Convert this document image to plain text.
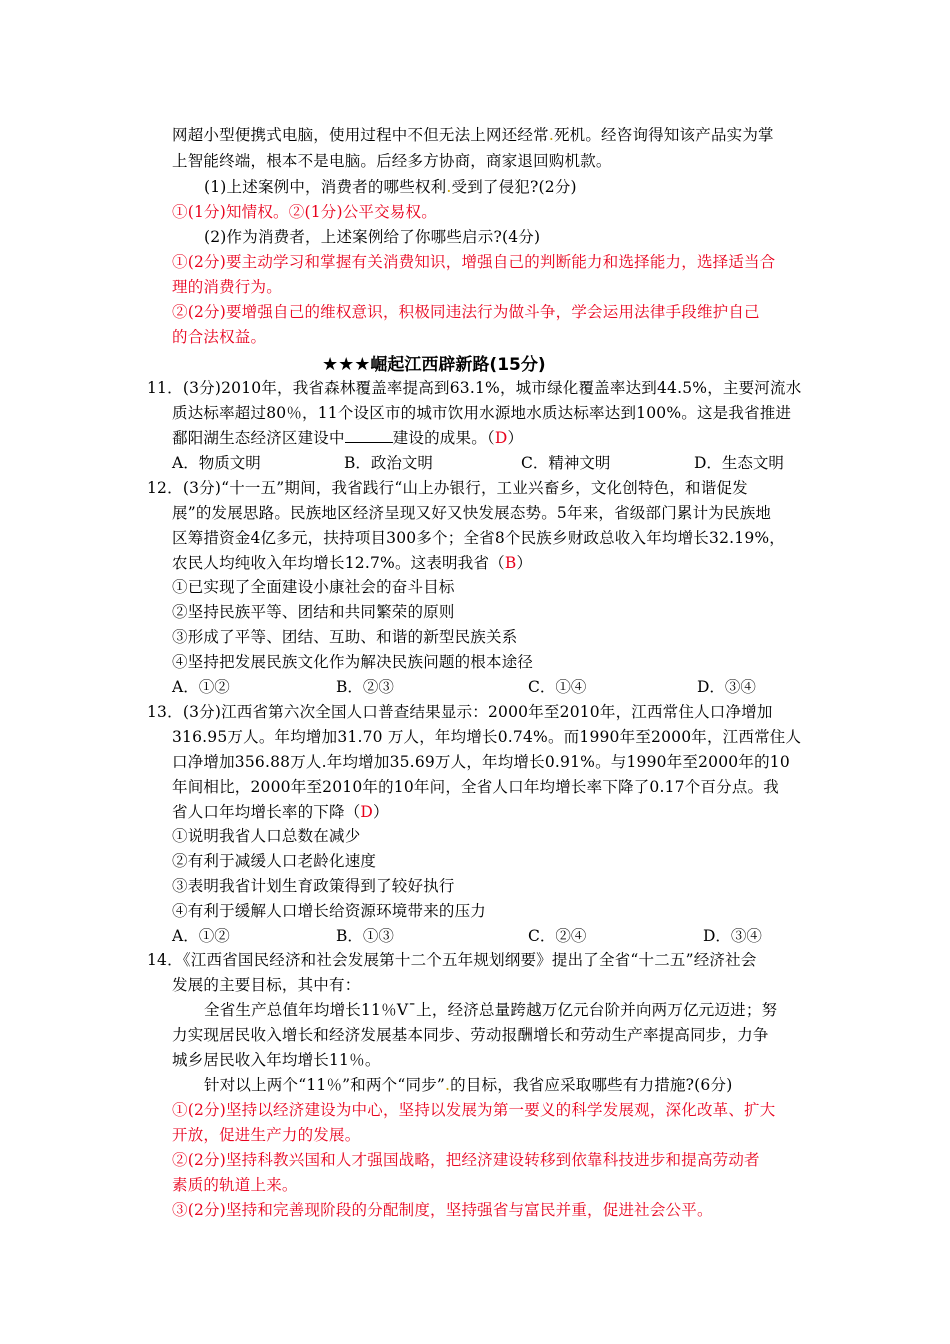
网超小型便携式电脑，使用过程中不但无法上网还经常.死机。经咨询得知该产品实为掌
上智能终端，根本不是电脑。后经多方协商，商家退回购机款。
(1)上述案例中，消费者的哪些权利.受到了侵犯?(2分)
①(1分)知情权。②(1分)公平交易权。
(2)作为消费者，上述案例给了你哪些启示?(4分)
①(2分)要主动学习和掌握有关消费知识，增强自己的判断能力和选择能力，选择适当合
理的消费行为。
②(2分)要增强自己的维权意识，积极同违法行为做斗争，学会运用法律手段维护自己
的合法权益。
★★★崛起江西辟新路(15分)
11．(3分)2010年，我省森林覆盖率提高到63.1%，城市绿化覆盖率达到44.5%，主要河流水
质达标率超过80％，11个设区市的城市饮用水源地水质达标率达到100%。这是我省推进
鄱阳湖生态经济区建设中	建设的成果。（D）
A．物质文明	B．政治文明	C．精神文明	D．生态文明
12．(3分)“十一五”期间，我省践行“山上办银行，工业兴畜乡，文化创特色，和谐促发
展”的发展思路。民族地区经济呈现又好又快发展态势。5年来，省级部门累计为民族地
区筹措资金4亿多元，扶持项目300多个；全省8个民族乡财政总收入年均增长32.19%，
农民人均纯收入年均增长12.7%。这表明我省（B）
①已实现了全面建设小康社会的奋斗目标
②坚持民族平等、团结和共同繁荣的原则
③形成了平等、团结、互助、和谐的新型民族关系
④坚持把发展民族文化作为解决民族问题的根本途径
A．①②	B．②③	C．①④	D．③④
13．(3分)江西省第六次全国人口普查结果显示：2000年至2010年，江西常住人口净增加
316.95万人。年均增加31.70 万人，年均增长0.74%。而1990年至2000年，江西常住人
口净增加356.88万人.年均增加35.69万人，年均增长0.91%。与1990年至2000年的10
年间相比，2000年至2010年的10年问，全省人口年均增长率下降了0.17个百分点。我
省人口年均增长率的下降（D）
①说明我省人口总数在减少
②有利于减缓人口老龄化速度
③表明我省计划生育政策得到了较好执行
④有利于缓解人口增长给资源环境带来的压力
A．①②	B．①③	C．②④	D．③④
14．《江西省国民经济和社会发展第十二个五年规划纲要》提出了全省“十二五”经济社会
发展的主要目标，其中有：
全省生产总值年均增长11％V¯上，经济总量跨越万亿元台阶并向两万亿元迈进；努
力实现居民收入增长和经济发展基本同步、劳动报酬增长和劳动生产率提高同步，力争
城乡居民收入年均增长11％。
针对以上两个“11％”和两个“同步”.的目标，我省应采取哪些有力措施?(6分)
①(2分)坚持以经济建设为中心，坚持以发展为第一要义的科学发展观，深化改革、扩大
开放，促进生产力的发展。
②(2分)坚持科教兴国和人才强国战略，把经济建设转移到依靠科技进步和提高劳动者
素质的轨道上来。
③(2分)坚持和完善现阶段的分配制度，坚持强省与富民并重，促进社会公平。
